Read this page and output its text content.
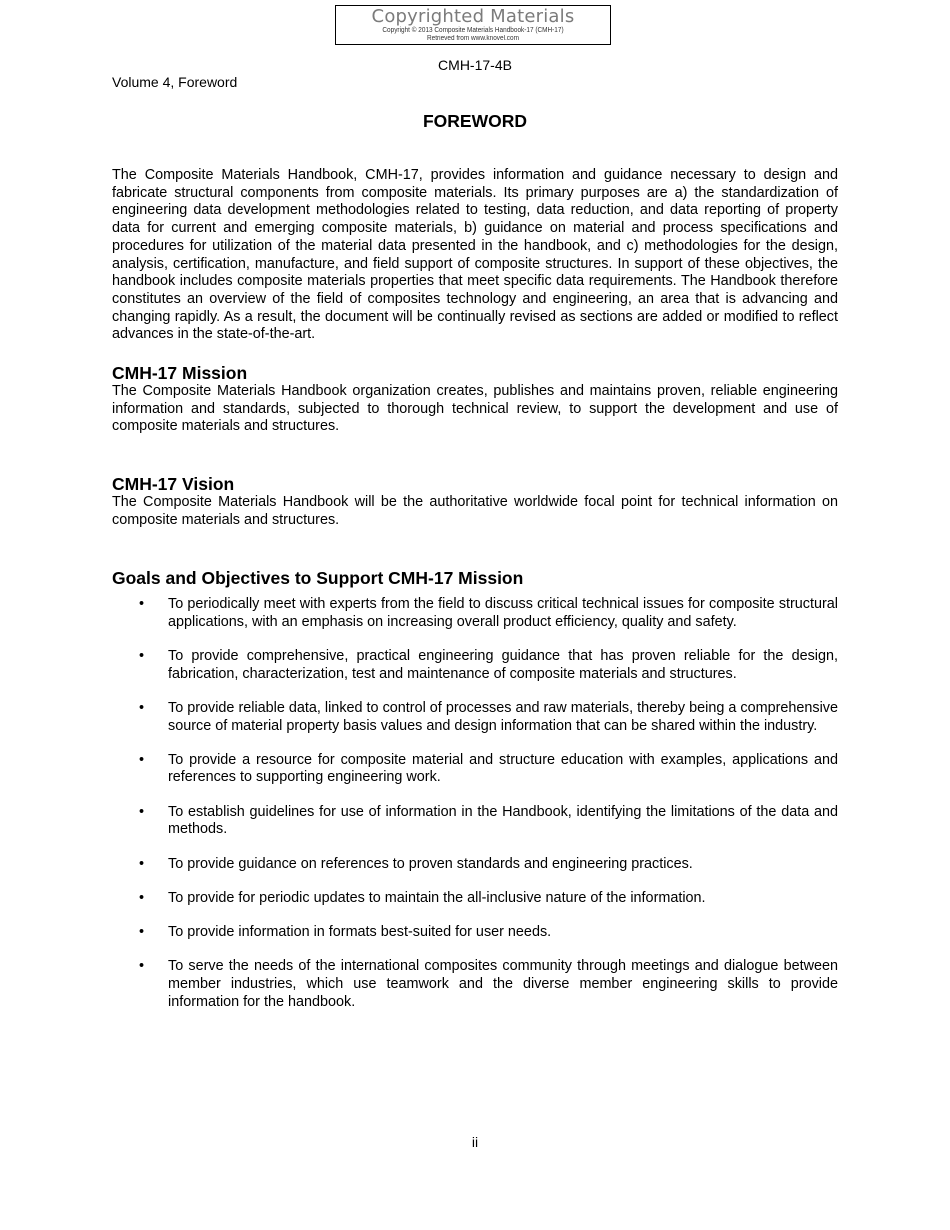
Copyrighted Materials
Copyright © 2013 Composite Materials Handbook-17 (CMH-17)
Retrieved from www.knovel.com
CMH-17-4B
Volume 4, Foreword
FOREWORD
The Composite Materials Handbook, CMH-17, provides information and guidance necessary to design and fabricate structural components from composite materials. Its primary purposes are a) the standardization of engineering data development methodologies related to testing, data reduction, and data reporting of property data for current and emerging composite materials, b) guidance on material and process specifications and procedures for utilization of the material data presented in the handbook, and c) methodologies for the design, analysis, certification, manufacture, and field support of composite structures. In support of these objectives, the handbook includes composite materials properties that meet specific data requirements. The Handbook therefore constitutes an overview of the field of composites technology and engineering, an area that is advancing and changing rapidly. As a result, the document will be continually revised as sections are added or modified to reflect advances in the state-of-the-art.
CMH-17 Mission
The Composite Materials Handbook organization creates, publishes and maintains proven, reliable engineering information and standards, subjected to thorough technical review, to support the development and use of composite materials and structures.
CMH-17 Vision
The Composite Materials Handbook will be the authoritative worldwide focal point for technical information on composite materials and structures.
Goals and Objectives to Support CMH-17 Mission
• To periodically meet with experts from the field to discuss critical technical issues for composite structural applications, with an emphasis on increasing overall product efficiency, quality and safety.
• To provide comprehensive, practical engineering guidance that has proven reliable for the design, fabrication, characterization, test and maintenance of composite materials and structures.
• To provide reliable data, linked to control of processes and raw materials, thereby being a comprehensive source of material property basis values and design information that can be shared within the industry.
• To provide a resource for composite material and structure education with examples, applications and references to supporting engineering work.
• To establish guidelines for use of information in the Handbook, identifying the limitations of the data and methods.
• To provide guidance on references to proven standards and engineering practices.
• To provide for periodic updates to maintain the all-inclusive nature of the information.
• To provide information in formats best-suited for user needs.
• To serve the needs of the international composites community through meetings and dialogue between member industries, which use teamwork and the diverse member engineering skills to provide information for the handbook.
ii
